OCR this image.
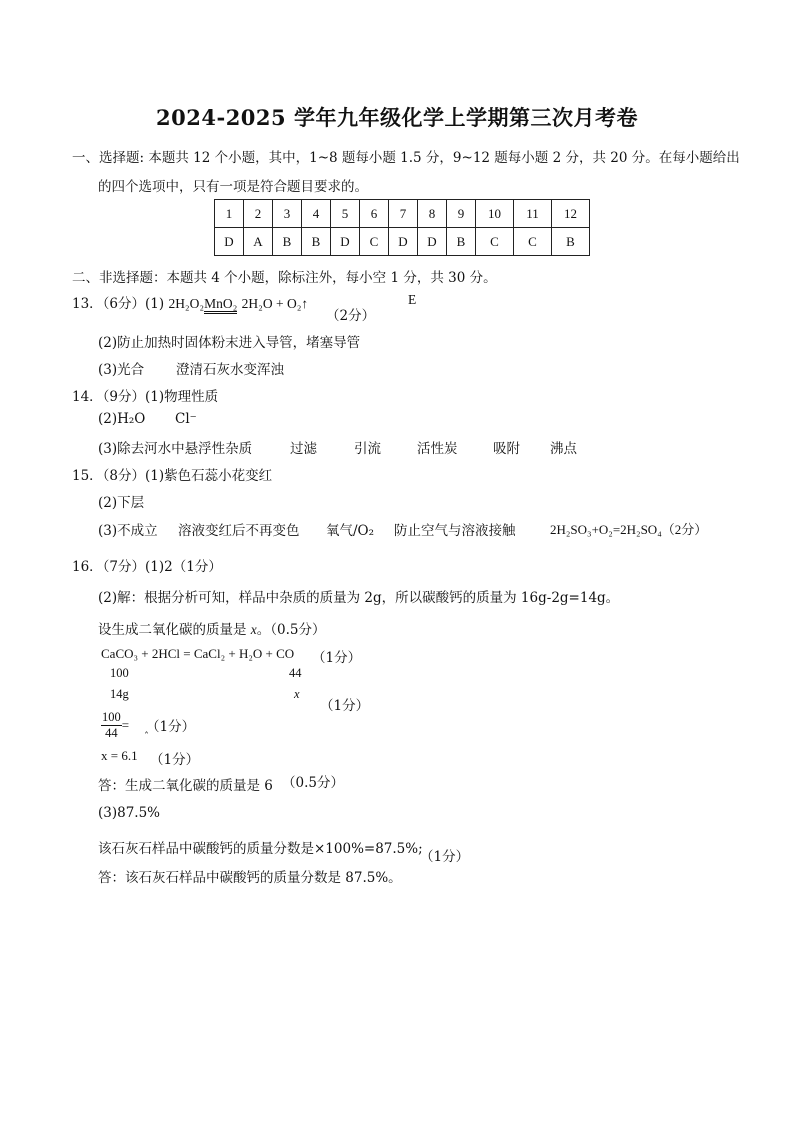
2024-2025 学年九年级化学上学期第三次月考卷
一、选择题: 本题共 12 个小题，其中，1~8 题每小题 1.5 分，9~12 题每小题 2 分，共 20 分。在每小题给出
的四个选项中，只有一项是符合题目要求的。
1	2	3	4	5	6	7	8	9	10	11	12
D	A	B	B	D	C	D	D	B	C	C	B
二、非选择题：本题共 4 个小题，除标注外，每小空 1 分，共 30 分。
13．（6分）(1) 2H₂O₂MnO₂ 2H₂O + O₂↑
（2分）
E
(2)防止加热时固体粉末进入导管，堵塞导管
(3)光合 澄清石灰水变浑浊
14．（9分）(1)物理性质
(2)H₂O Cl⁻
(3)除去河水中悬浮性杂质	过滤	引流	活性炭	吸附 沸点
15．（8分）(1)紫色石蕊小花变红
(2)下层
(3)不成立 溶液变红后不再变色 氧气/O₂ 防止空气与溶液接触	2H₂SO₃+O₂=2H₂SO₄（2分）
16．（7分）(1)2（1分）
(2)解：根据分析可知，样品中杂质的质量为 2g，所以碳酸钙的质量为 16g-2g=14g。
设生成二氧化碳的质量是 x。（0.5分）
CaCO₃ + 2HCl = CaCl₂ + H₂O + CO （1分）
100	44
14g	x
（1分）
$\frac{100}{44} = (1$分）
ˆ
x = 6.1 （1分）
答：生成二氧化碳的质量是 6 （0.5分）
(3)87.5%
该石灰石样品中碳酸钙的质量分数是×100%=87.5%;
（1分）
答：该石灰石样品中碳酸钙的质量分数是 87.5%。
